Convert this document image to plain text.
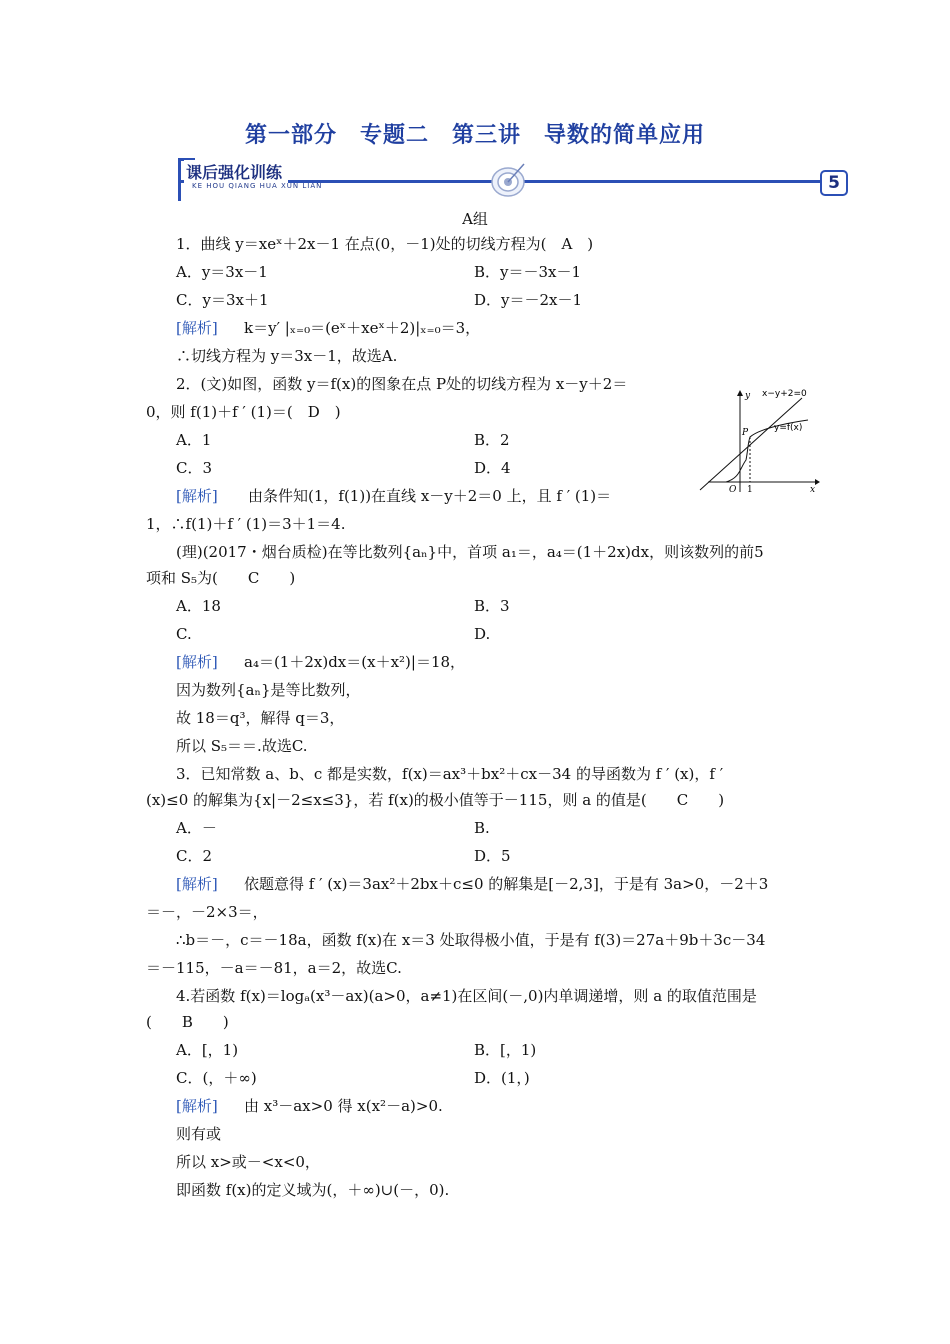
第一部分　专题二　第三讲　导数的简单应用
课后强化训练
KE HOU QIANG HUA XUN LIAN	5
A组
1．曲线 y＝xeˣ＋2x－1 在点(0，－1)处的切线方程为(　A　)
A．y＝3x－1	B．y＝－3x－1
C．y＝3x＋1	D．y＝－2x－1
[解析] k＝y′ |ₓ₌₀＝(eˣ＋xeˣ＋2)|ₓ₌₀＝3，
∴切线方程为 y＝3x－1，故选A.
2．(文)如图，函数 y＝f(x)的图象在点 P处的切线方程为 x－y＋2＝
0，则 f(1)＋f ′ (1)＝(　D　)
A．1	B．2
C．3	D．4
[解析] 由条件知(1，f(1))在直线 x－y＋2＝0 上，且 f ′ (1)＝
1，∴f(1)＋f ′ (1)＝3＋1＝4.
x−y+2=0
y=f(x)
P
y
x
O 1
(理)(2017・烟台质检)在等比数列{aₙ}中，首项 a₁＝，a₄＝(1＋2x)dx，则该数列的前5
项和 S₅为(　　C　　)
A．18	B．3
C.	D.
[解析] a₄＝(1＋2x)dx＝(x＋x²)|＝18，
因为数列{aₙ}是等比数列，
故 18＝q³，解得 q＝3，
所以 S₅＝＝.故选C.
3．已知常数 a、b、c 都是实数，f(x)＝ax³＋bx²＋cx－34 的导函数为 f ′ (x)，f ′
(x)≤0 的解集为{x|－2≤x≤3}，若 f(x)的极小值等于－115，则 a 的值是(　　C　　)
A．－	B.
C．2	D．5
[解析] 依题意得 f ′ (x)＝3ax²＋2bx＋c≤0 的解集是[－2,3]，于是有 3a>0，－2＋3
＝－，－2×3＝，
∴b＝－，c＝－18a，函数 f(x)在 x＝3 处取得极小值，于是有 f(3)＝27a＋9b＋3c－34
＝－115，－a＝－81，a＝2，故选C.
4.若函数 f(x)＝logₐ(x³－ax)(a>0，a≠1)在区间(－,0)内单调递增，则 a 的取值范围是
(　　B　　)
A．[，1)	B．[，1)
C．(，＋∞)	D．(1，)
[解析] 由 x³－ax>0 得 x(x²－a)>0.
则有或
所以 x>或－<x<0，
即函数 f(x)的定义域为(，＋∞)∪(－，0).
